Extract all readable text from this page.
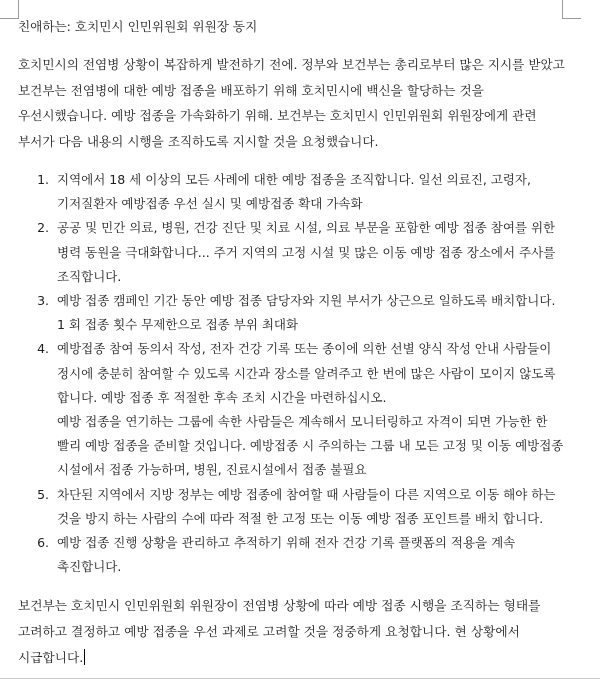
친애하는: 호치민시 인민위원회 위원장 동지

호치민시의 전염병 상황이 복잡하게 발전하기 전에. 정부와 보건부는 총리로부터 많은 지시를 받았고 보건부는 전염병에 대한 예방 접종을 배포하기 위해 호치민시에 백신을 할당하는 것을 우선시했습니다. 예방 접종을 가속화하기 위해. 보건부는 호치민시 인민위원회 위원장에게 관련 부서가 다음 내용의 시행을 조직하도록 지시할 것을 요청했습니다.

1. 지역에서 18 세 이상의 모든 사례에 대한 예방 접종을 조직합니다. 일선 의료진, 고령자, 기저질환자 예방접종 우선 실시 및 예방접종 확대 가속화
2. 공공 및 민간 의료, 병원, 건강 진단 및 치료 시설, 의료 부문을 포함한 예방 접종 참여를 위한 병력 동원을 극대화합니다... 주거 지역의 고정 시설 및 많은 이동 예방 접종 장소에서 주사를 조직합니다.
3. 예방 접종 캠페인 기간 동안 예방 접종 담당자와 지원 부서가 상근으로 일하도록 배치합니다. 1 회 접종 횟수 무제한으로 접종 부위 최대화
4. 예방접종 참여 동의서 작성, 전자 건강 기록 또는 종이에 의한 선별 양식 작성 안내 사람들이 정시에 충분히 참여할 수 있도록 시간과 장소를 알려주고 한 번에 많은 사람이 모이지 않도록 합니다. 예방 접종 후 적절한 후속 조치 시간을 마련하십시오.
예방 접종을 연기하는 그룹에 속한 사람들은 계속해서 모니터링하고 자격이 되면 가능한 한 빨리 예방 접종을 준비할 것입니다. 예방접종 시 주의하는 그룹 내 모든 고정 및 이동 예방접종 시설에서 접종 가능하며, 병원, 진료시설에서 접종 불필요
5. 차단된 지역에서 지방 정부는 예방 접종에 참여할 때 사람들이 다른 지역으로 이동 해야 하는 것을 방지 하는 사람의 수에 따라 적절 한 고정 또는 이동 예방 접종 포인트를 배치 합니다.
6. 예방 접종 진행 상황을 관리하고 추적하기 위해 전자 건강 기록 플랫폼의 적용을 계속 촉진합니다.

보건부는 호치민시 인민위원회 위원장이 전염병 상황에 따라 예방 접종 시행을 조직하는 형태를 고려하고 결정하고 예방 접종을 우선 과제로 고려할 것을 정중하게 요청합니다. 현 상황에서 시급합니다.
